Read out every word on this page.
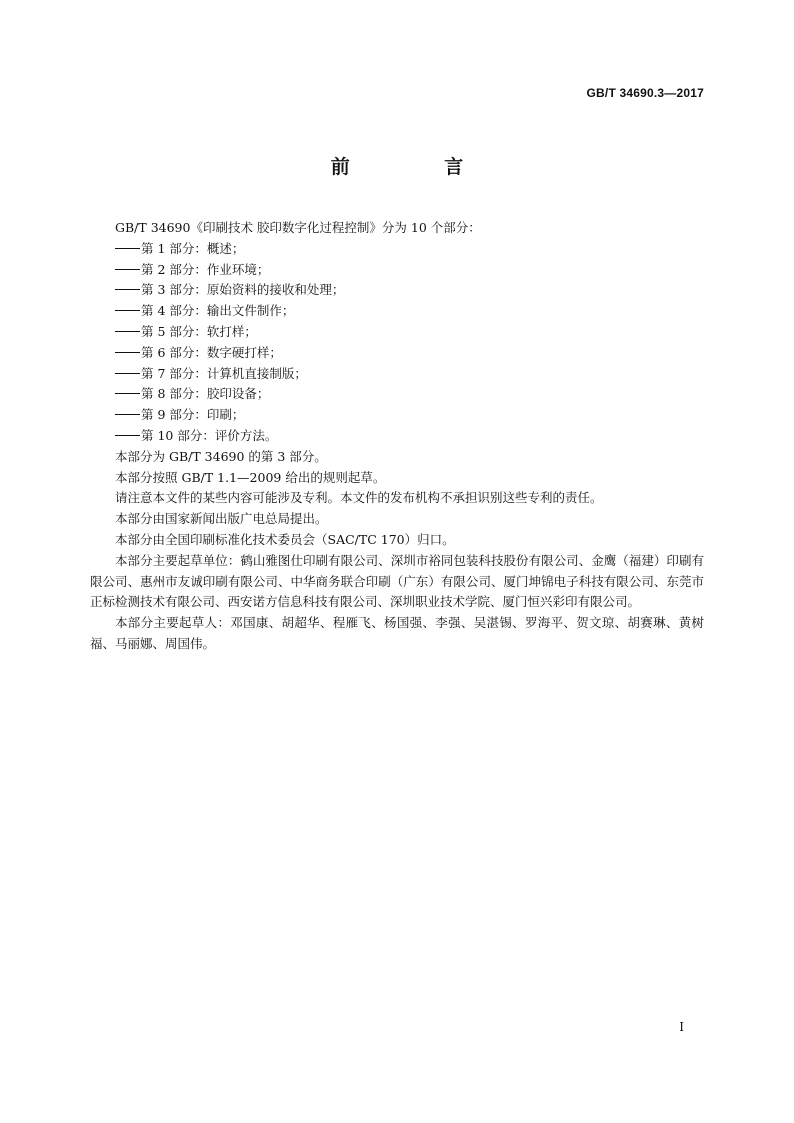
GB/T 34690.3—2017
前 言

GB/T 34690《印刷技术 胶印数字化过程控制》分为 10 个部分：

第 1 部分：概述；

第 2 部分：作业环境；

第 3 部分：原始资料的接收和处理；

第 4 部分：输出文件制作；

第 5 部分：软打样；

第 6 部分：数字硬打样；

第 7 部分：计算机直接制版；

第 8 部分：胶印设备；

第 9 部分：印刷；

第 10 部分：评价方法。

本部分为 GB/T 34690 的第 3 部分。

本部分按照 GB/T 1.1—2009 给出的规则起草。

请注意本文件的某些内容可能涉及专利。本文件的发布机构不承担识别这些专利的责任。

本部分由国家新闻出版广电总局提出。

本部分由全国印刷标准化技术委员会（SAC/TC 170）归口。

本部分主要起草单位：鹤山雅图仕印刷有限公司、深圳市裕同包装科技股份有限公司、金鹰（福建）印刷有限公司、惠州市友诚印刷有限公司、中华商务联合印刷（广东）有限公司、厦门坤锦电子科技有限公司、东莞市正标检测技术有限公司、西安诺方信息科技有限公司、深圳职业技术学院、厦门恒兴彩印有限公司。

本部分主要起草人：邓国康、胡超华、程雁飞、杨国强、李强、吴湛锡、罗海平、贺文琼、胡赛琳、黄树福、马丽娜、周国伟。

I
